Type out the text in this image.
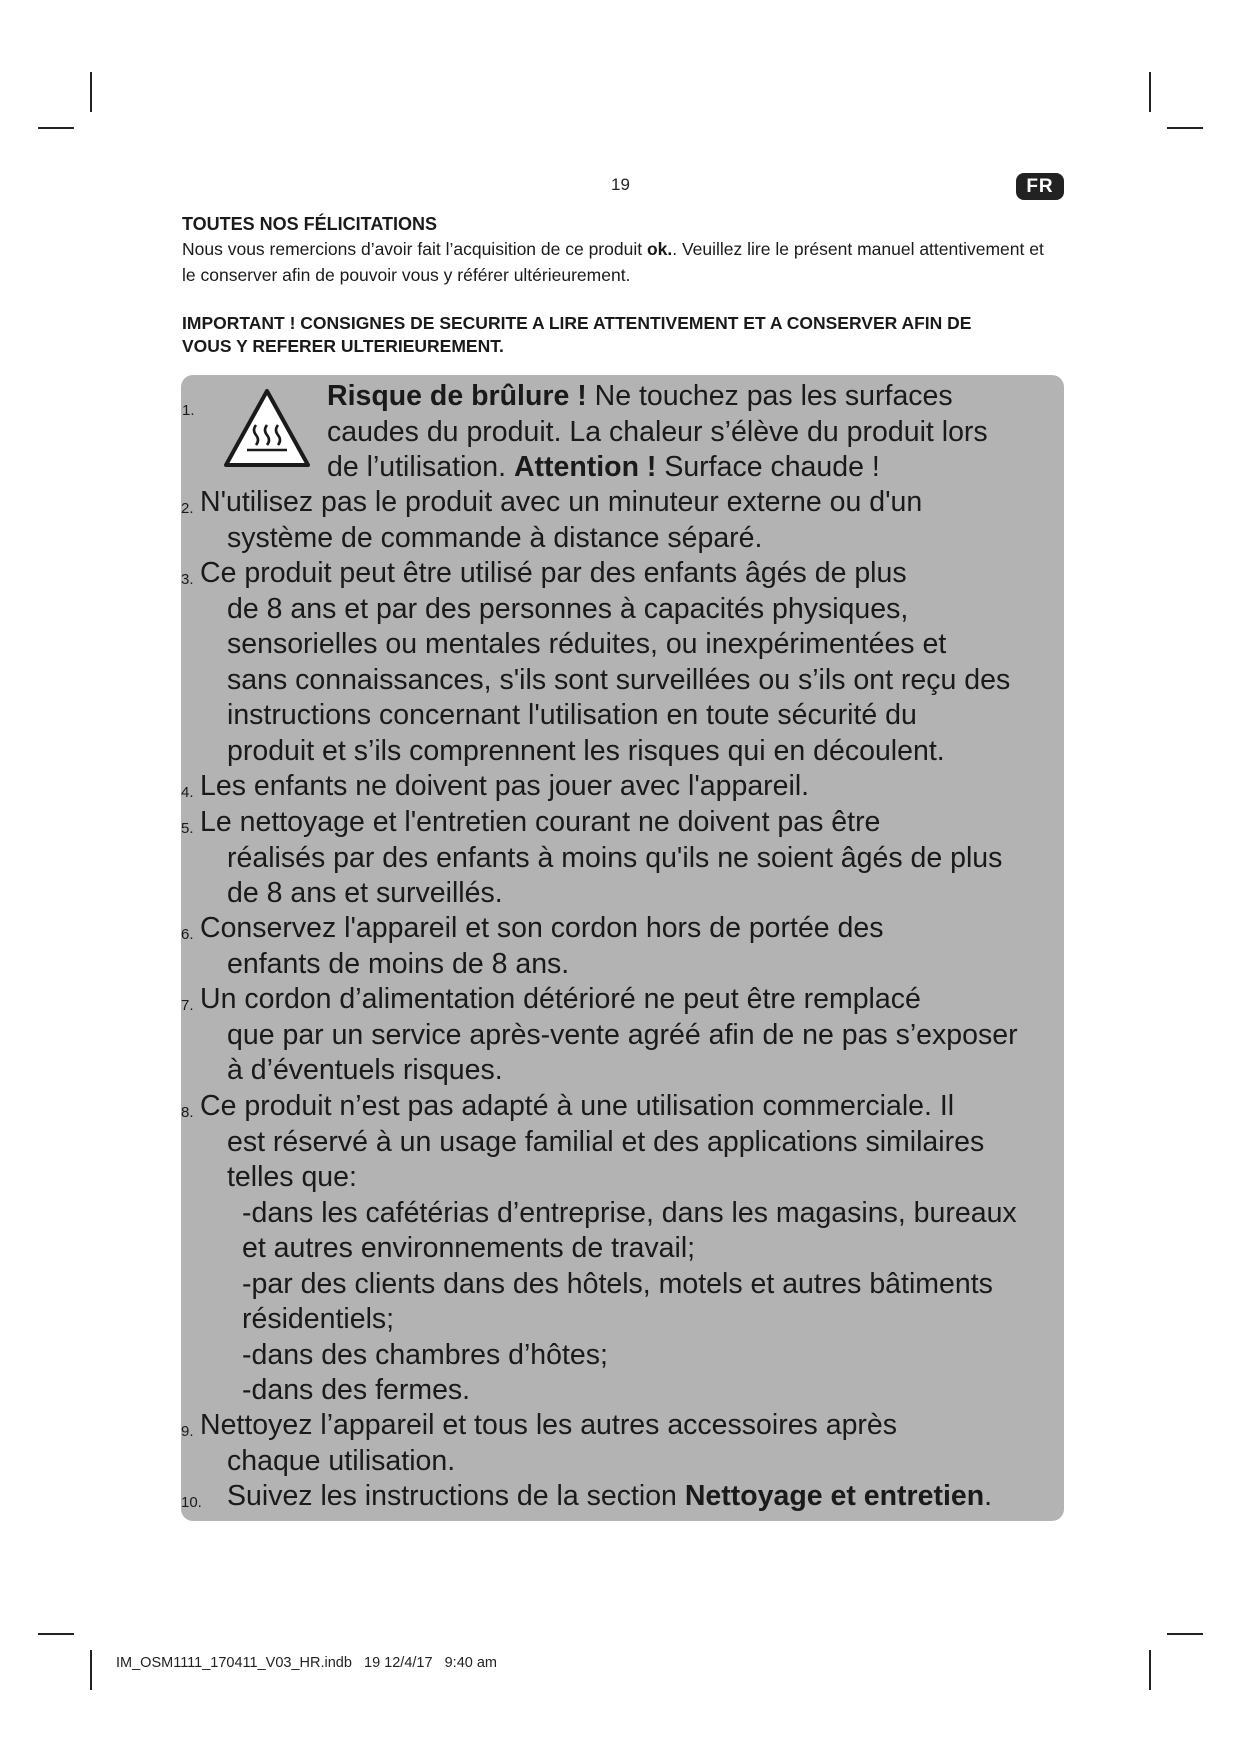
19	FR
TOUTES NOS FÉLICITATIONS
Nous vous remercions d’avoir fait l’acquisition de ce produit ok.. Veuillez lire le présent manuel attentivement et le conserver afin de pouvoir vous y référer ultérieurement.
IMPORTANT ! CONSIGNES DE SECURITE A LIRE ATTENTIVEMENT ET A CONSERVER AFIN DE
VOUS Y REFERER ULTERIEUREMENT.
1.	Risque de brûlure ! Ne touchez pas les surfaces
caudes du produit. La chaleur s’élève du produit lors
de l’utilisation. Attention ! Surface chaude !
2. N'utilisez pas le produit avec un minuteur externe ou d'un
système de commande à distance séparé.
3. Ce produit peut être utilisé par des enfants âgés de plus
de 8 ans et par des personnes à capacités physiques,
sensorielles ou mentales réduites, ou inexpérimentées et
sans connaissances, s'ils sont surveillées ou s’ils ont reçu des
instructions concernant l'utilisation en toute sécurité du
produit et s’ils comprennent les risques qui en découlent.
4. Les enfants ne doivent pas jouer avec l'appareil.
5. Le nettoyage et l'entretien courant ne doivent pas être
réalisés par des enfants à moins qu'ils ne soient âgés de plus
de 8 ans et surveillés.
6. Conservez l'appareil et son cordon hors de portée des
enfants de moins de 8 ans.
7. Un cordon d’alimentation détérioré ne peut être remplacé
que par un service après-vente agréé afin de ne pas s’exposer
à d’éventuels risques.
8. Ce produit n’est pas adapté à une utilisation commerciale. Il
est réservé à un usage familial et des applications similaires
telles que:
-dans les cafétérias d’entreprise, dans les magasins, bureaux
et autres environnements de travail;
-par des clients dans des hôtels, motels et autres bâtiments
résidentiels;
-dans des chambres d’hôtes;
-dans des fermes.
9. Nettoyez l’appareil et tous les autres accessoires après
chaque utilisation.
10. Suivez les instructions de la section Nettoyage et entretien.
IM_OSM1111_170411_V03_HR.indb   19 12/4/17   9:40 am
